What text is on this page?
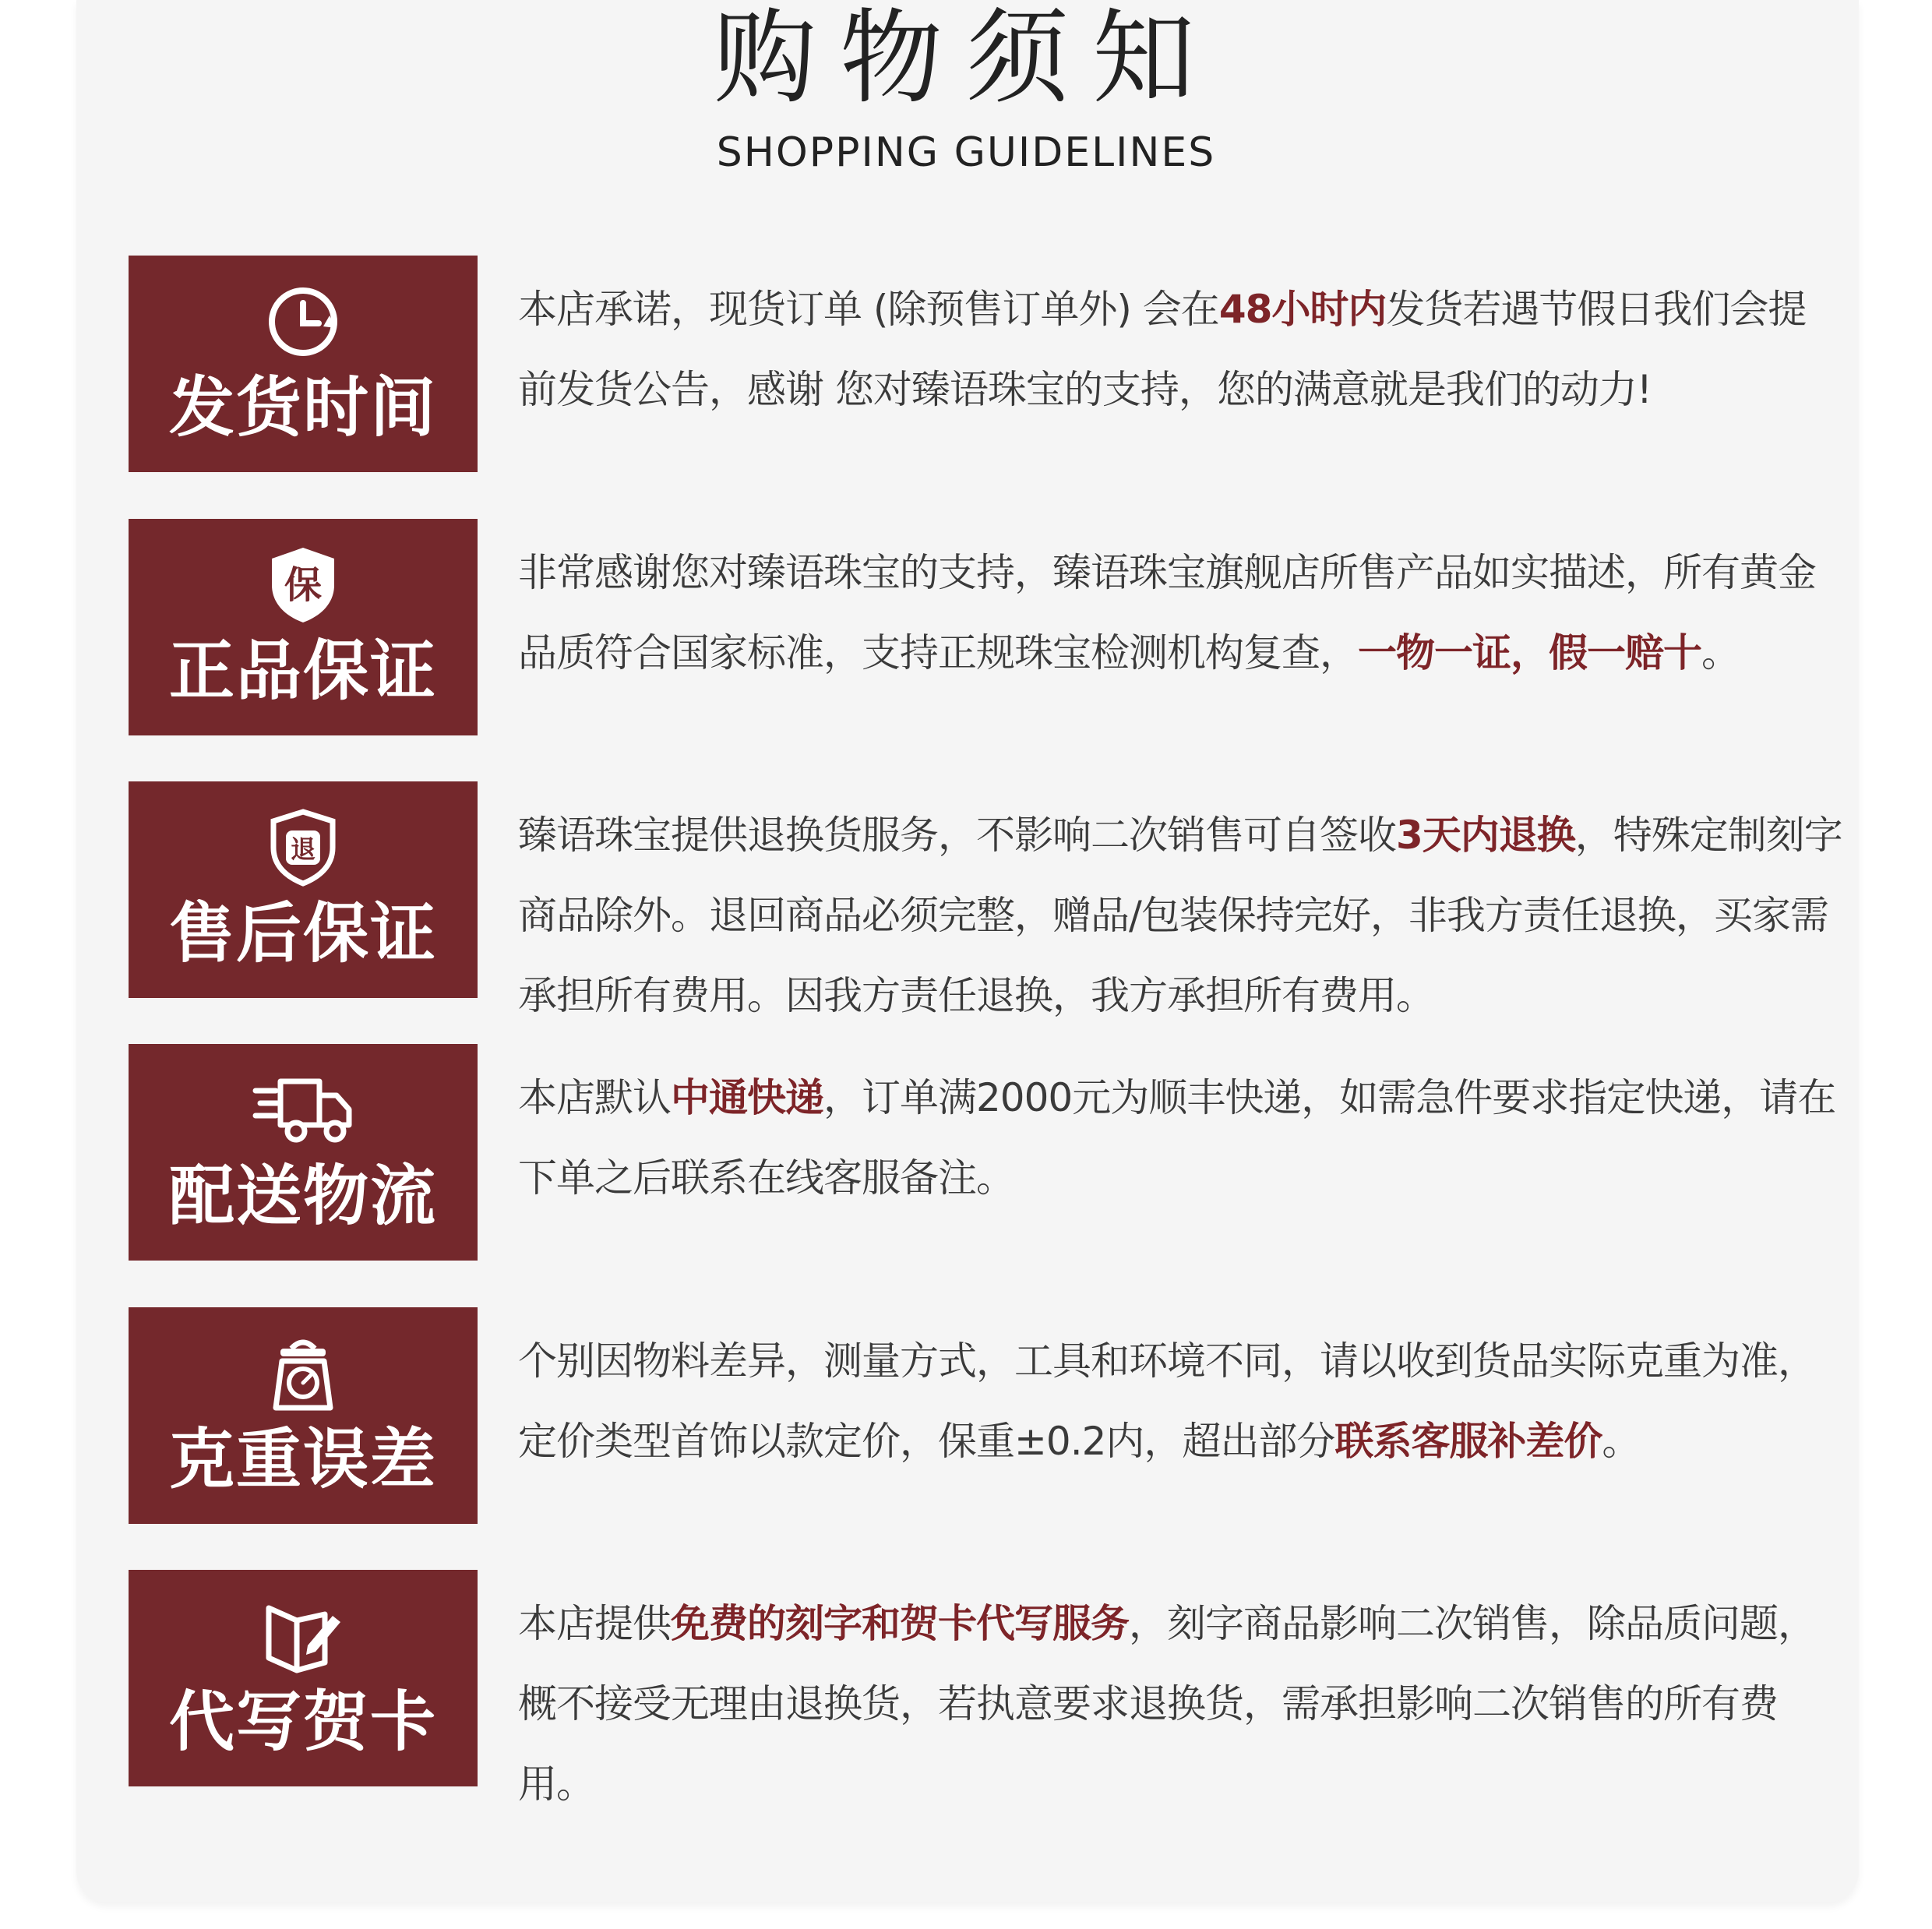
购物须知
SHOPPING GUIDELINES
发货时间
本店承诺，现货订单 (除预售订单外) 会在48小时内发货若遇节假日我们会提前发货公告，感谢 您对臻语珠宝的支持，您的满意就是我们的动力!
保
正品保证
非常感谢您对臻语珠宝的支持，臻语珠宝旗舰店所售产品如实描述，所有黄金品质符合国家标准，支持正规珠宝检测机构复查，一物一证，假一赔十。
退
售后保证
臻语珠宝提供退换货服务，不影响二次销售可自签收3天内退换，特殊定制刻字商品除外。退回商品必须完整，赠品/包装保持完好，非我方责任退换，买家需承担所有费用。因我方责任退换，我方承担所有费用。
配送物流
本店默认中通快递，订单满2000元为顺丰快递，如需急件要求指定快递，请在下单之后联系在线客服备注。
克重误差
个别因物料差异，测量方式，工具和环境不同，请以收到货品实际克重为准，定价类型首饰以款定价，保重±0.2内，超出部分联系客服补差价。
代写贺卡
本店提供免费的刻字和贺卡代写服务，刻字商品影响二次销售，除品质问题，概不接受无理由退换货，若执意要求退换货，需承担影响二次销售的所有费用。
